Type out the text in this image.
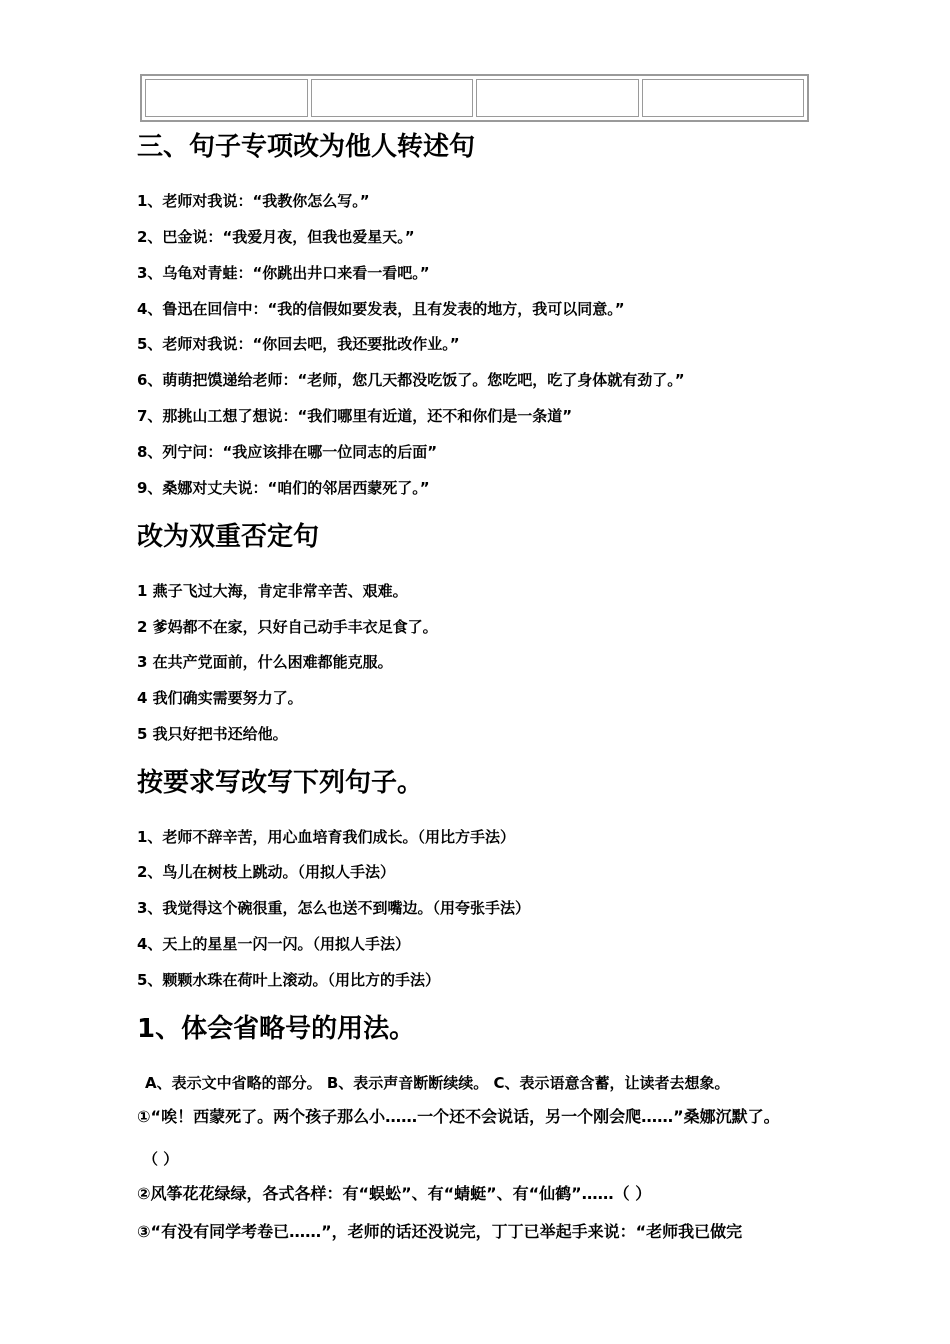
三、句子专项改为他人转述句
1、老师对我说：“我教你怎么写。”
2、巴金说：“我爱月夜，但我也爱星天。”
3、乌龟对青蛙：“你跳出井口来看一看吧。”
4、鲁迅在回信中：“我的信假如要发表，且有发表的地方，我可以同意。”
5、老师对我说：“你回去吧，我还要批改作业。”
6、萌萌把馍递给老师：“老师，您几天都没吃饭了。您吃吧，吃了身体就有劲了。”
7、那挑山工想了想说：“我们哪里有近道，还不和你们是一条道”
8、列宁问：“我应该排在哪一位同志的后面”
9、桑娜对丈夫说：“咱们的邻居西蒙死了。”
改为双重否定句
1 燕子飞过大海，肯定非常辛苦、艰难。
2 爹妈都不在家，只好自己动手丰衣足食了。
3 在共产党面前，什么困难都能克服。
4 我们确实需要努力了。
5 我只好把书还给他。
按要求写改写下列句子。
1、老师不辞辛苦，用心血培育我们成长。（用比方手法）
2、鸟儿在树枝上跳动。（用拟人手法）
3、我觉得这个碗很重，怎么也送不到嘴边。（用夸张手法）
4、天上的星星一闪一闪。（用拟人手法）
5、颗颗水珠在荷叶上滚动。（用比方的手法）
1、体会省略号的用法。
A、表示文中省略的部分。 B、表示声音断断续续。 C、表示语意含蓄，让读者去想象。
①“唉！西蒙死了。两个孩子那么小……一个还不会说话，另一个刚会爬……”桑娜沉默了。
（ ）
②风筝花花绿绿，各式各样：有“蜈蚣”、有“蜻蜓”、有“仙鹤”……（ ）
③“有没有同学考卷已……”，老师的话还没说完，丁丁已举起手来说：“老师我已做完
